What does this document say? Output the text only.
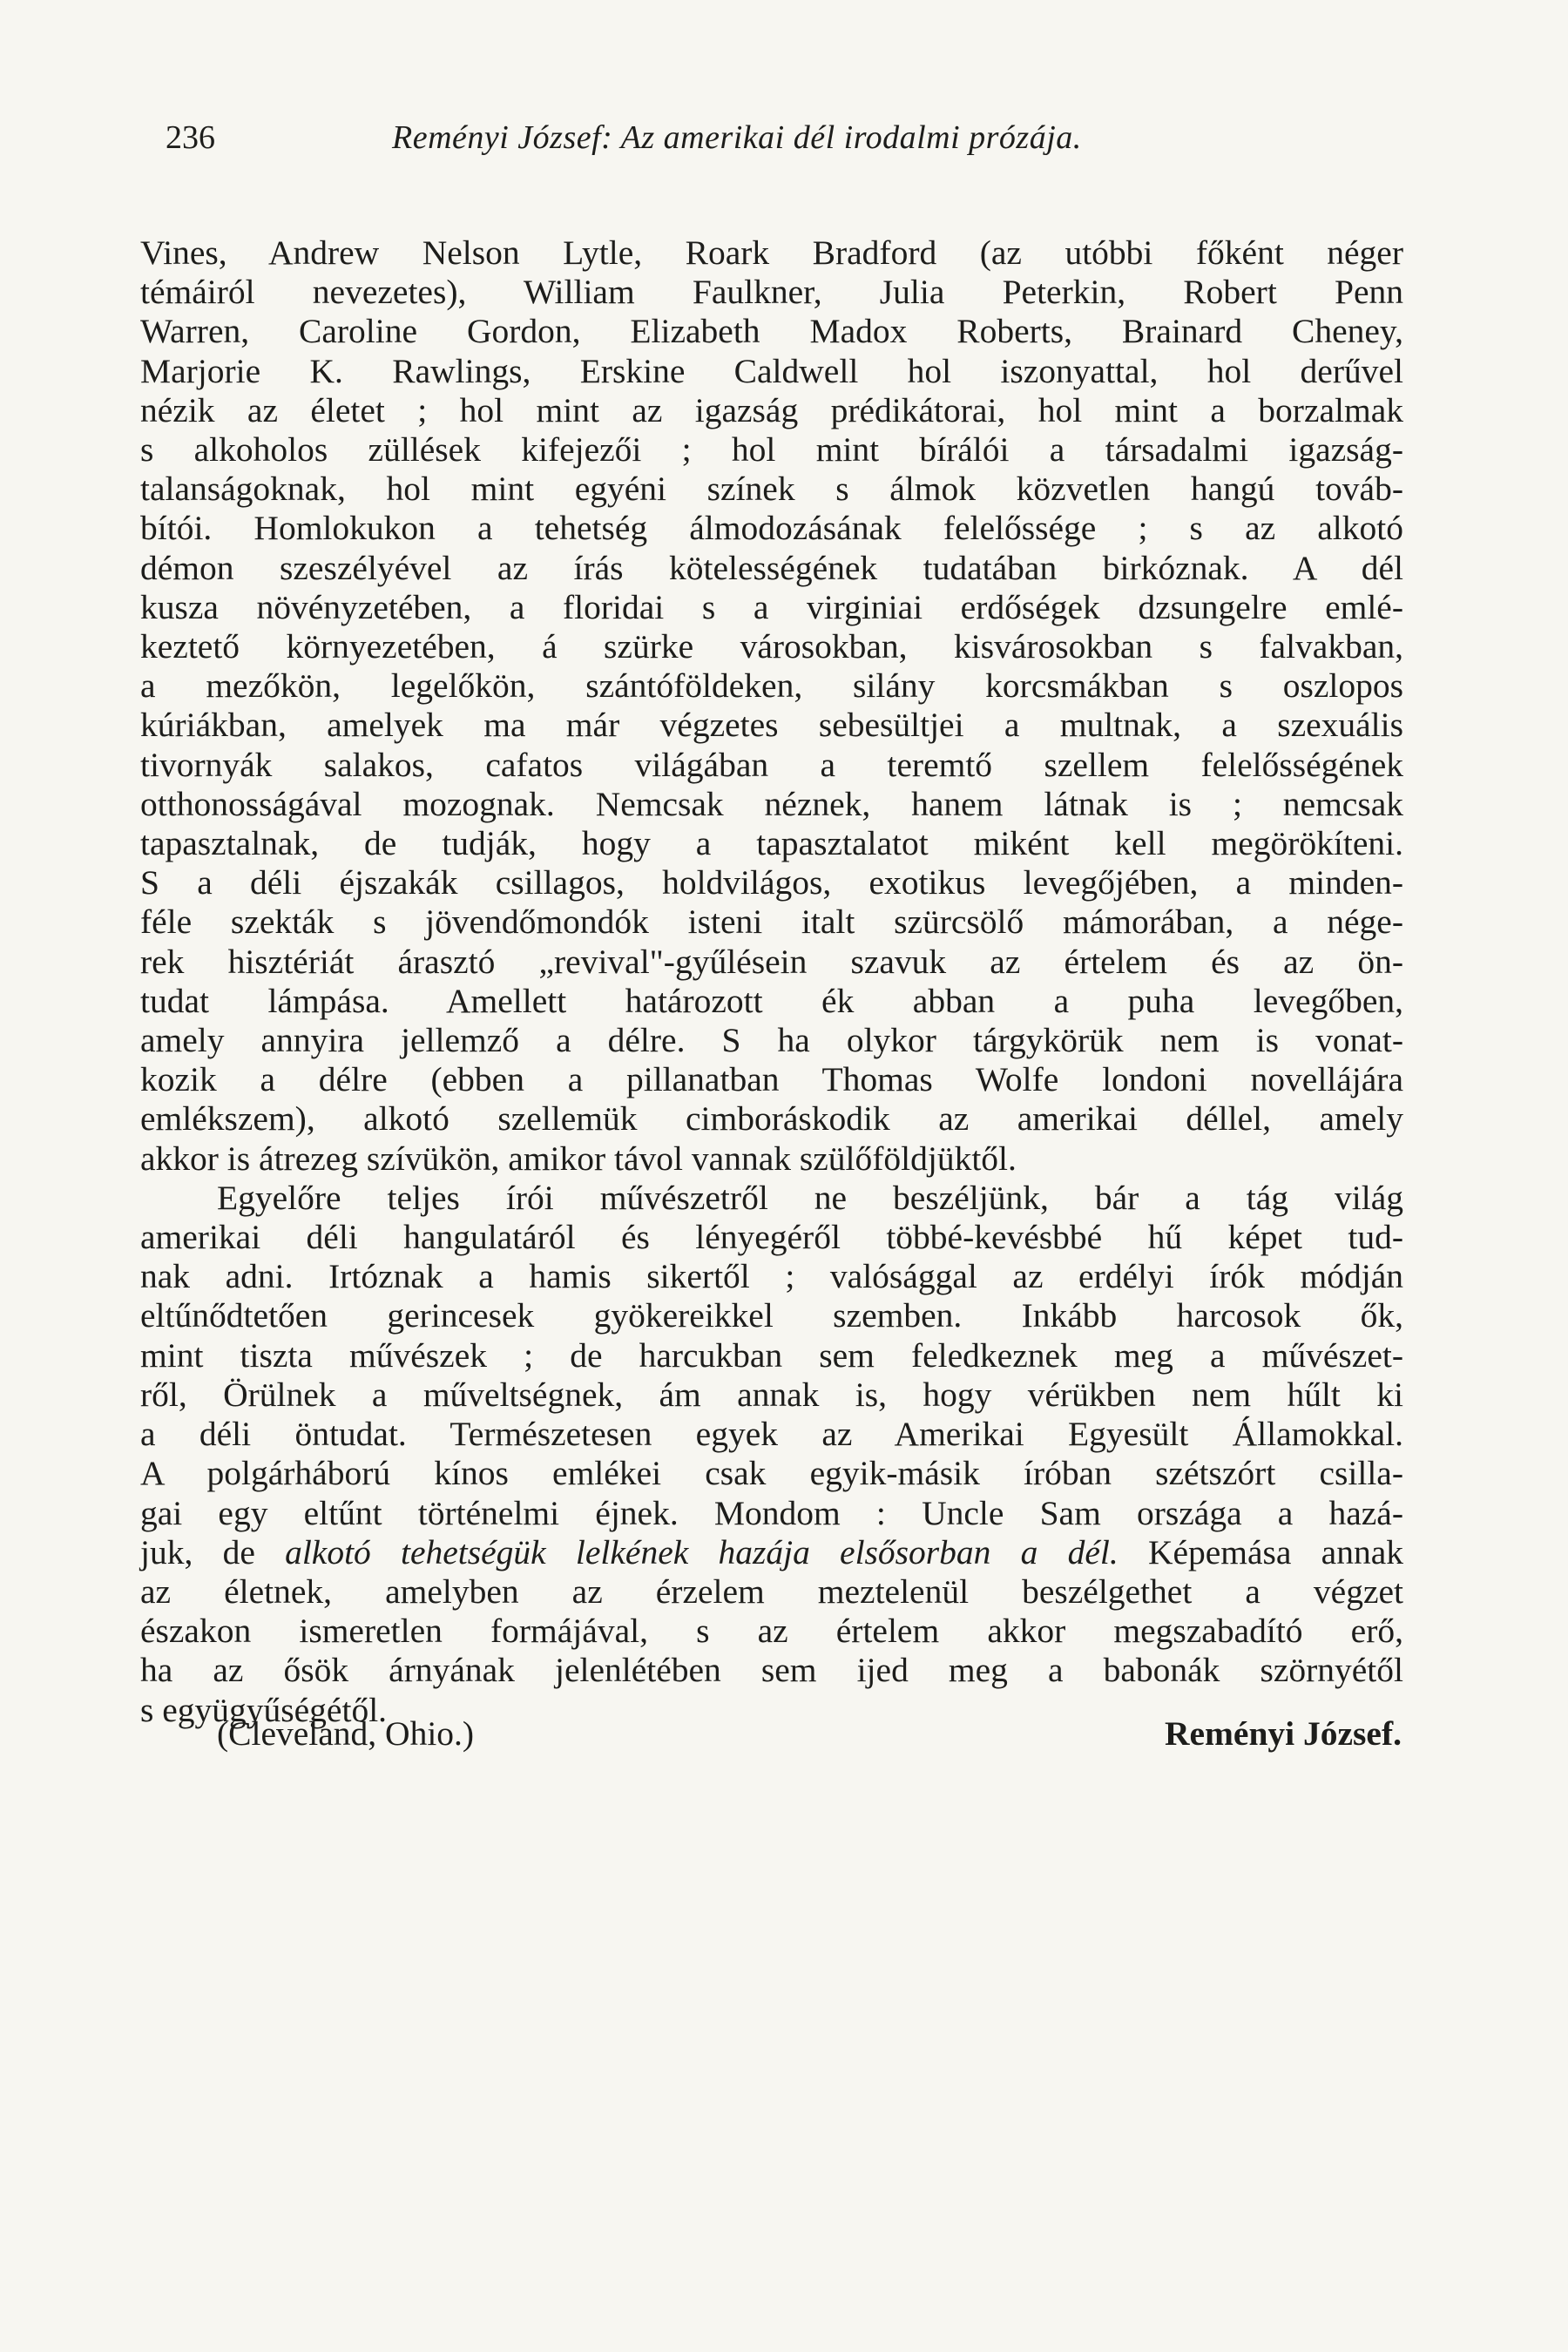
236	Reményi József: Az amerikai dél irodalmi prózája.
Vines, Andrew Nelson Lytle, Roark Bradford (az utóbbi főként néger
témáiról nevezetes), William Faulkner, Julia Peterkin, Robert Penn
Warren, Caroline Gordon, Elizabeth Madox Roberts, Brainard Cheney,
Marjorie K. Rawlings, Erskine Caldwell hol iszonyattal, hol derűvel
nézik az életet ; hol mint az igazság prédikátorai, hol mint a borzalmak
s alkoholos züllések kifejezői ; hol mint bírálói a társadalmi igazság-
talanságoknak, hol mint egyéni színek s álmok közvetlen hangú továb-
bítói. Homlokukon a tehetség álmodozásának felelőssége ; s az alkotó
démon szeszélyével az írás kötelességének tudatában birkóznak. A dél
kusza növényzetében, a floridai s a virginiai erdőségek dzsungelre emlé-
keztető környezetében, á szürke városokban, kisvárosokban s falvakban,
a mezőkön, legelőkön, szántóföldeken, silány korcsmákban s oszlopos
kúriákban, amelyek ma már végzetes sebesültjei a multnak, a szexuális
tivornyák salakos, cafatos világában a teremtő szellem felelősségének
otthonosságával mozognak. Nemcsak néznek, hanem látnak is ; nemcsak
tapasztalnak, de tudják, hogy a tapasztalatot miként kell megörökíteni.
S a déli éjszakák csillagos, holdvilágos, exotikus levegőjében, a minden-
féle szekták s jövendőmondók isteni italt szürcsölő mámorában, a nége-
rek hisztériát árasztó „revival"-gyűlésein szavuk az értelem és az ön-
tudat lámpása. Amellett határozott ék abban a puha levegőben,
amely annyira jellemző a délre. S ha olykor tárgykörük nem is vonat-
kozik a délre (ebben a pillanatban Thomas Wolfe londoni novellájára
emlékszem), alkotó szellemük cimboráskodik az amerikai déllel, amely
akkor is átrezeg szívükön, amikor távol vannak szülőföldjüktől.
Egyelőre teljes írói művészetről ne beszéljünk, bár a tág világ
amerikai déli hangulatáról és lényegéről többé-kevésbbé hű képet tud-
nak adni. Irtóznak a hamis sikertől ; valósággal az erdélyi írók módján
eltűnődtetően gerincesek gyökereikkel szemben. Inkább harcosok ők,
mint tiszta művészek ; de harcukban sem feledkeznek meg a művészet-
ről, Örülnek a műveltségnek, ám annak is, hogy vérükben nem hűlt ki
a déli öntudat. Természetesen egyek az Amerikai Egyesült Államokkal.
A polgárháború kínos emlékei csak egyik-másik íróban szétszórt csilla-
gai egy eltűnt történelmi éjnek. Mondom : Uncle Sam országa a hazá-
juk, de alkotó tehetségük lelkének hazája elsősorban a dél. Képemása annak
az életnek, amelyben az érzelem meztelenül beszélgethet a végzet
északon ismeretlen formájával, s az értelem akkor megszabadító erő,
ha az ősök árnyának jelenlétében sem ijed meg a babonák szörnyétől
s együgyűségétől.
(Cleveland, Ohio.)	Reményi József.
